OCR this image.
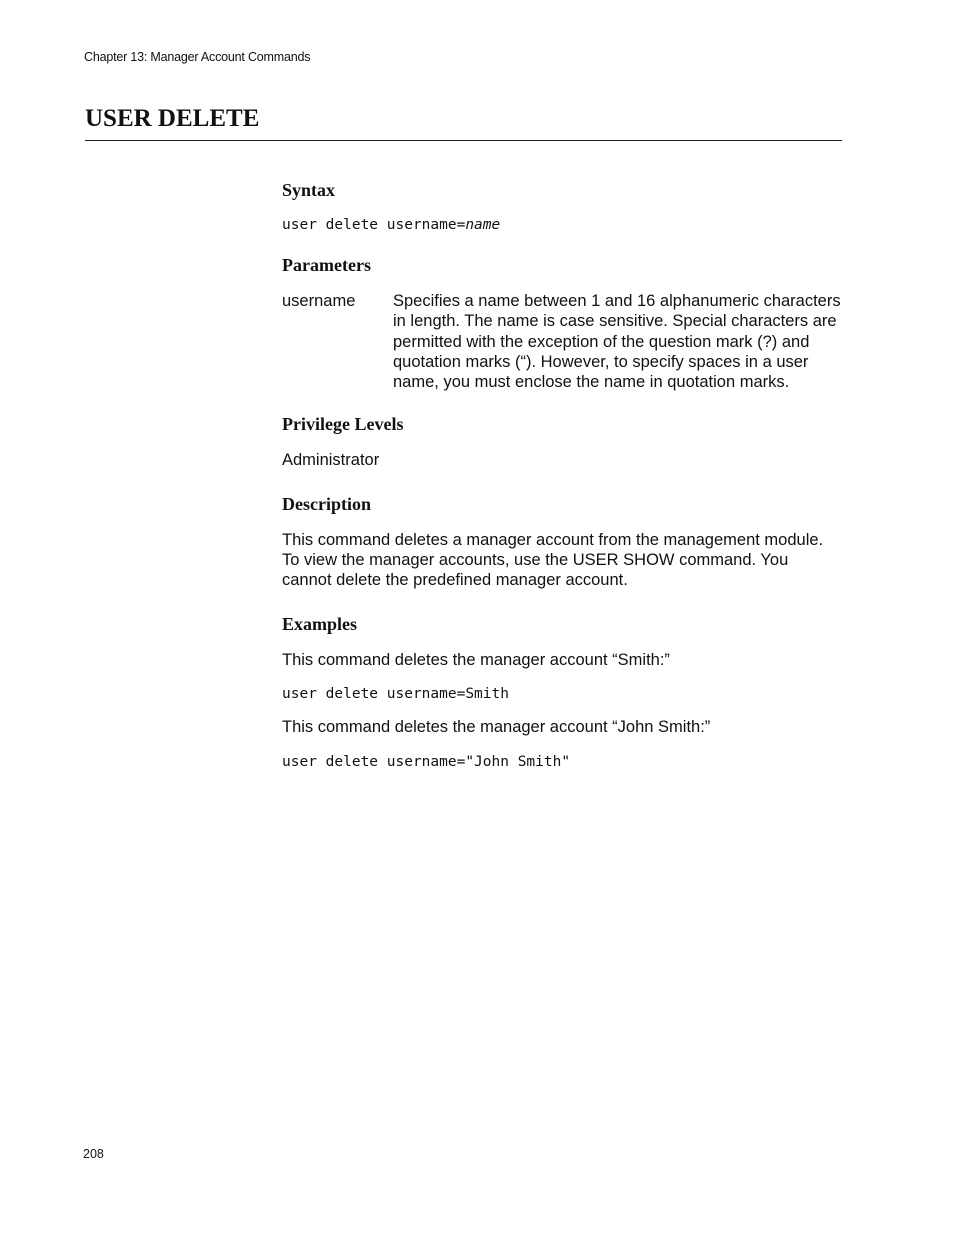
Chapter 13: Manager Account Commands
USER DELETE
Syntax

user delete username=name

Parameters
username	Specifies a name between 1 and 16 alphanumeric characters in length. The name is case sensitive. Special characters are permitted with the exception of the question mark (?) and quotation marks (“). However, to specify spaces in a user name, you must enclose the name in quotation marks.
Privilege Levels

Administrator

Description

This command deletes a manager account from the management module. To view the manager accounts, use the USER SHOW command. You cannot delete the predefined manager account.

Examples

This command deletes the manager account “Smith:”

user delete username=Smith

This command deletes the manager account “John Smith:”

user delete username="John Smith"

208
